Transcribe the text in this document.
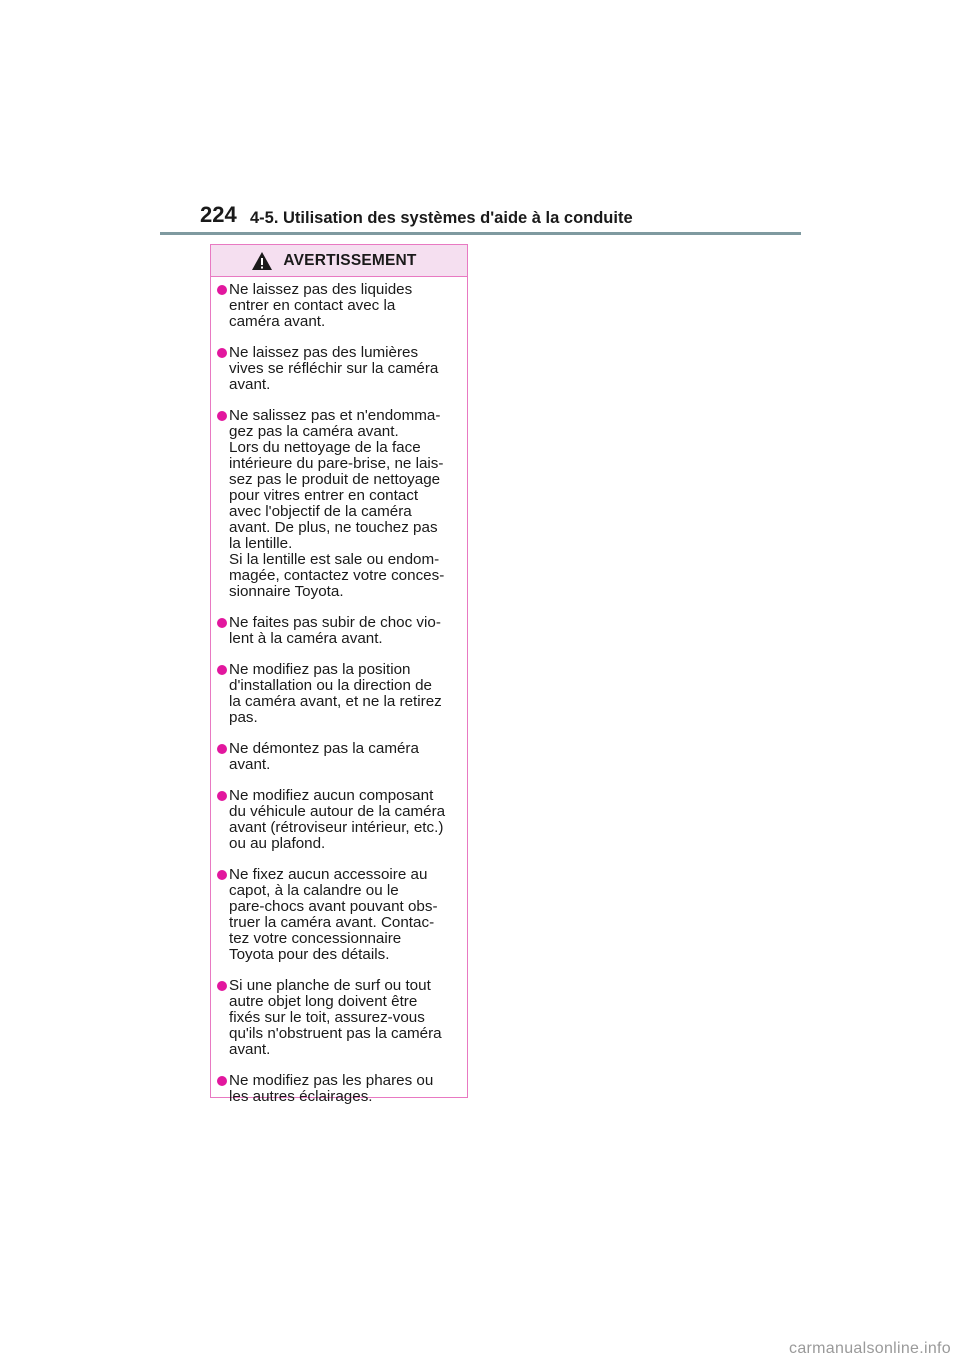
224 4-5. Utilisation des systèmes d'aide à la conduite
AVERTISSEMENT
Ne laissez pas des liquides
entrer en contact avec la
caméra avant.
Ne laissez pas des lumières
vives se réfléchir sur la caméra
avant.
Ne salissez pas et n'endomma-
gez pas la caméra avant.
Lors du nettoyage de la face
intérieure du pare-brise, ne lais-
sez pas le produit de nettoyage
pour vitres entrer en contact
avec l'objectif de la caméra
avant. De plus, ne touchez pas
la lentille.
Si la lentille est sale ou endom-
magée, contactez votre conces-
sionnaire Toyota.
Ne faites pas subir de choc vio-
lent à la caméra avant.
Ne modifiez pas la position
d'installation ou la direction de
la caméra avant, et ne la retirez
pas.
Ne démontez pas la caméra
avant.
Ne modifiez aucun composant
du véhicule autour de la caméra
avant (rétroviseur intérieur, etc.)
ou au plafond.
Ne fixez aucun accessoire au
capot, à la calandre ou le
pare-chocs avant pouvant obs-
truer la caméra avant. Contac-
tez votre concessionnaire
Toyota pour des détails.
Si une planche de surf ou tout
autre objet long doivent être
fixés sur le toit, assurez-vous
qu'ils n'obstruent pas la caméra
avant.
Ne modifiez pas les phares ou
les autres éclairages.
carmanualsonline.info
